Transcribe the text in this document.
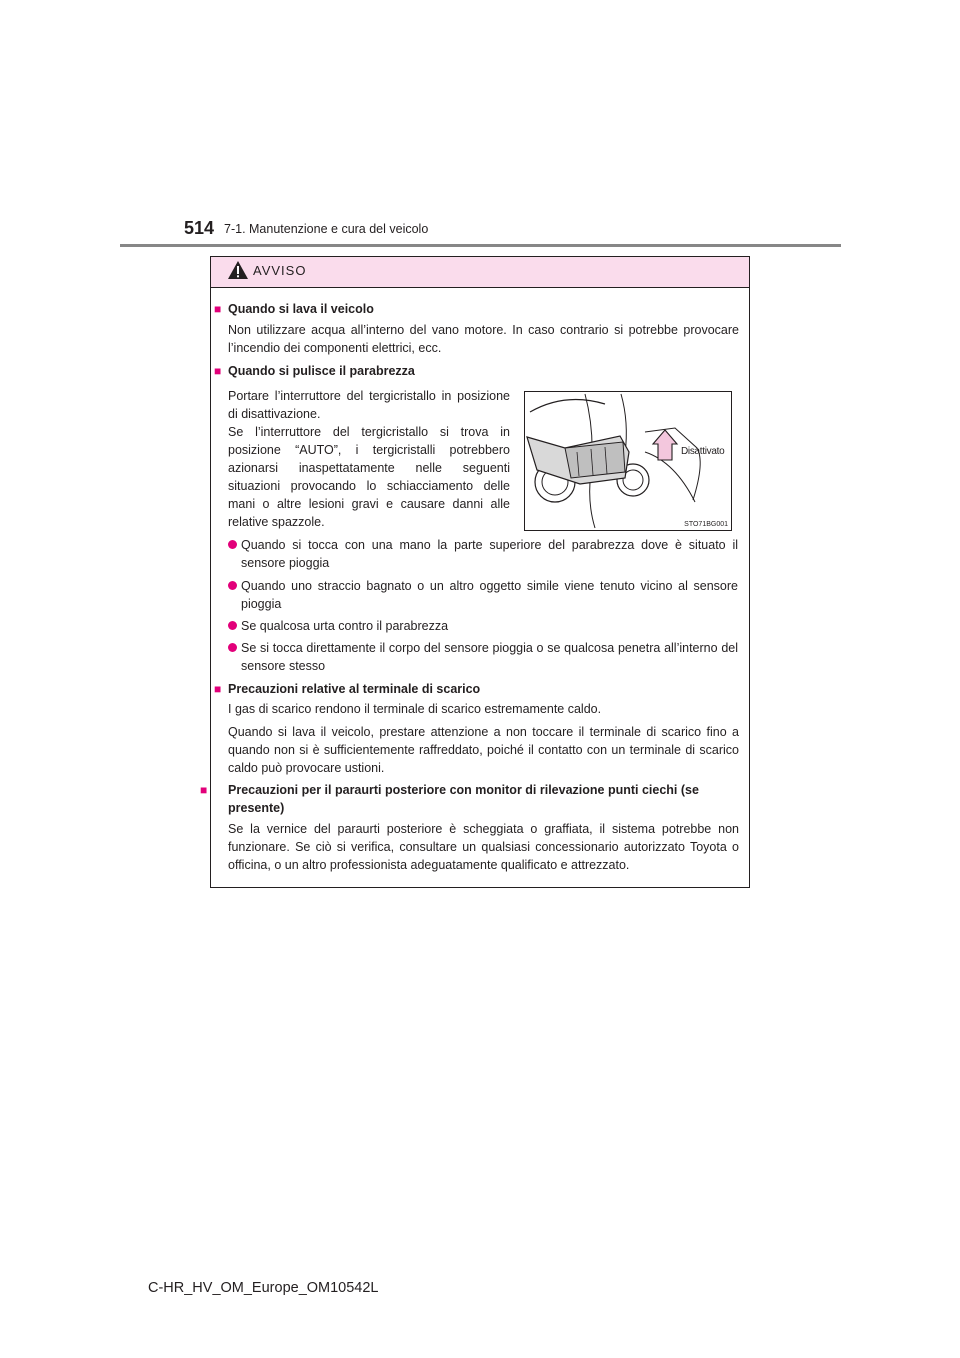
514 7-1. Manutenzione e cura del veicolo
AVVISO
■ Quando si lava il veicolo
Non utilizzare acqua all’interno del vano motore. In caso contrario si potrebbe provocare l’incendio dei componenti elettrici, ecc.
■ Quando si pulisce il parabrezza
Portare l’interruttore del tergicristallo in posizione di disattivazione.
Se l’interruttore del tergicristallo si trova in posizione “AUTO”, i tergicristalli potrebbero azionarsi inaspettatamente nelle seguenti situazioni provocando lo schiacciamento delle mani o altre lesioni gravi e causare danni alle relative spazzole.
Disattivato
STO71BG001
Quando si tocca con una mano la parte superiore del parabrezza dove è situato il sensore pioggia
Quando uno straccio bagnato o un altro oggetto simile viene tenuto vicino al sensore pioggia
Se qualcosa urta contro il parabrezza
Se si tocca direttamente il corpo del sensore pioggia o se qualcosa penetra all’interno del sensore stesso
■ Precauzioni relative al terminale di scarico
I gas di scarico rendono il terminale di scarico estremamente caldo.
Quando si lava il veicolo, prestare attenzione a non toccare il terminale di scarico fino a quando non si è sufficientemente raffreddato, poiché il contatto con un terminale di scarico caldo può provocare ustioni.
■ Precauzioni per il paraurti posteriore con monitor di rilevazione punti ciechi (se presente)
Se la vernice del paraurti posteriore è scheggiata o graffiata, il sistema potrebbe non funzionare. Se ciò si verifica, consultare un qualsiasi concessionario autorizzato Toyota o officina, o un altro professionista adeguatamente qualificato e attrezzato.
C-HR_HV_OM_Europe_OM10542L
